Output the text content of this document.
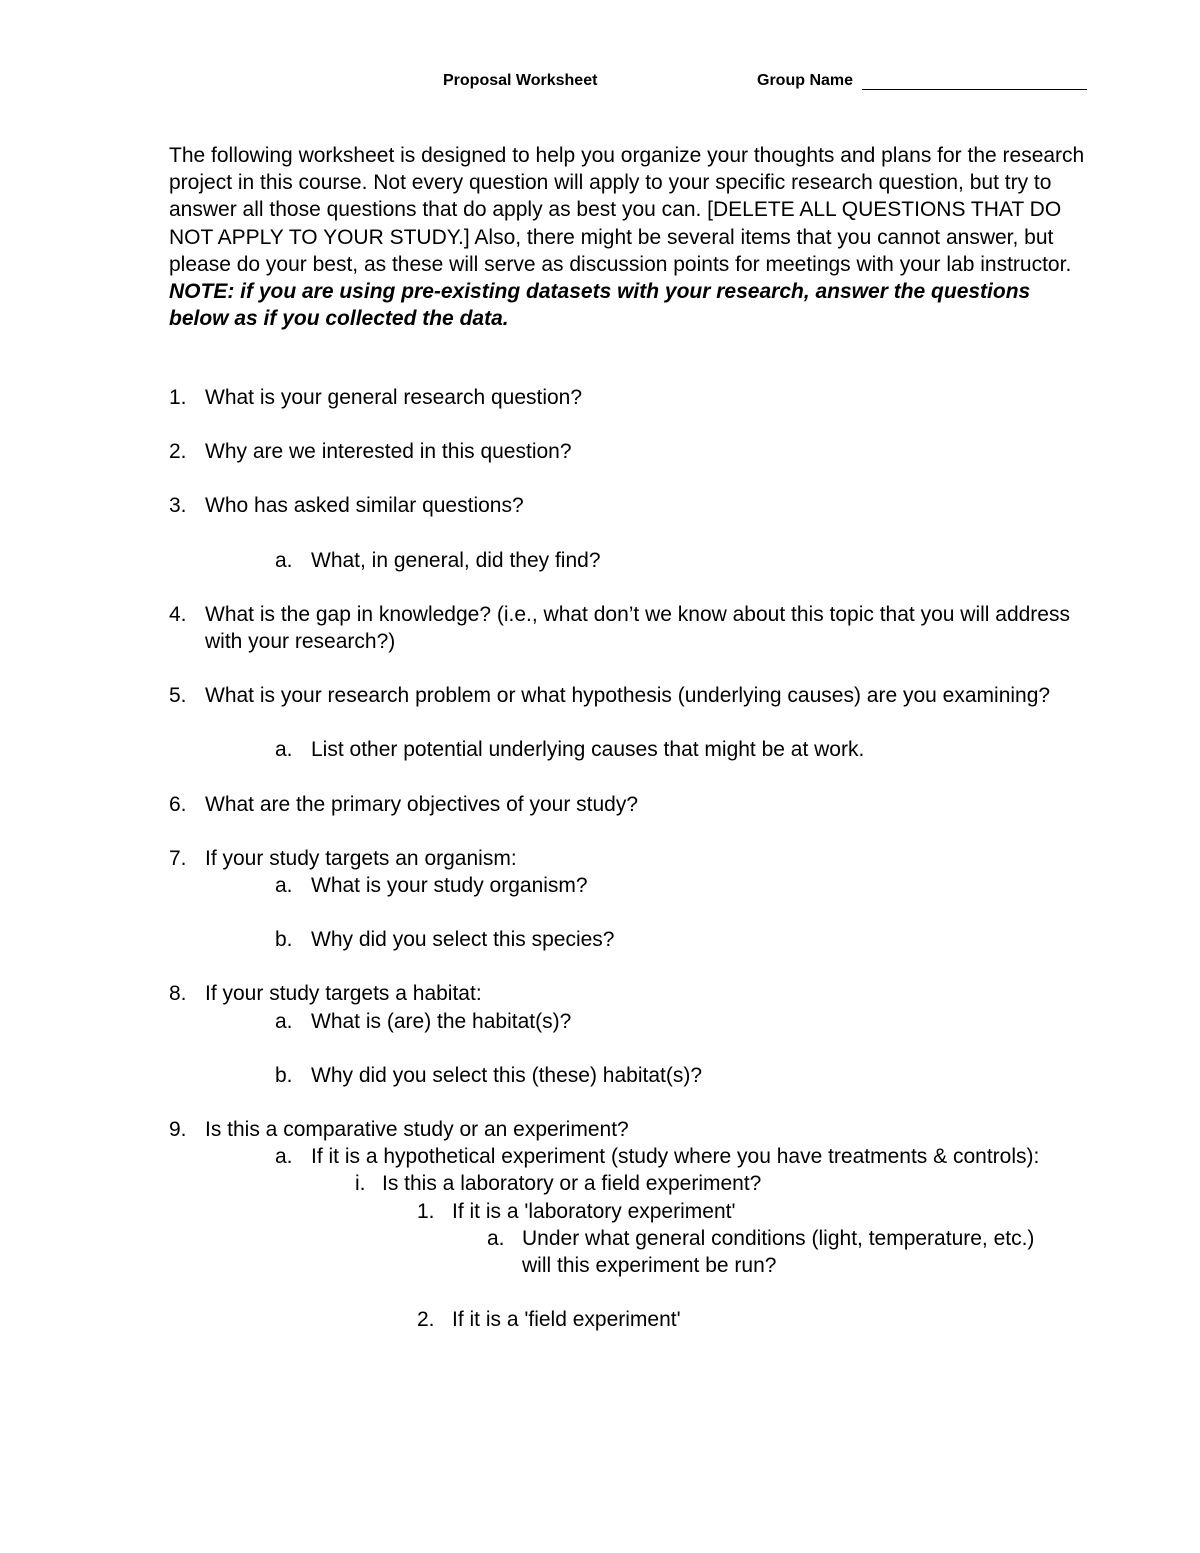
Proposal Worksheet	Group Name
The following worksheet is designed to help you organize your thoughts and plans for the research project in this course. Not every question will apply to your specific research question, but try to answer all those questions that do apply as best you can. [DELETE ALL QUESTIONS THAT DO NOT APPLY TO YOUR STUDY.] Also, there might be several items that you cannot answer, but please do your best, as these will serve as discussion points for meetings with your lab instructor. NOTE: if you are using pre-existing datasets with your research, answer the questions below as if you collected the data.
1. What is your general research question?
2. Why are we interested in this question?
3. Who has asked similar questions?
a. What, in general, did they find?
4. What is the gap in knowledge? (i.e., what don’t we know about this topic that you will address with your research?)
5. What is your research problem or what hypothesis (underlying causes) are you examining?
a. List other potential underlying causes that might be at work.
6. What are the primary objectives of your study?
7. If your study targets an organism:
a. What is your study organism?
b. Why did you select this species?
8. If your study targets a habitat:
a. What is (are) the habitat(s)?
b. Why did you select this (these) habitat(s)?
9. Is this a comparative study or an experiment?
a. If it is a hypothetical experiment (study where you have treatments & controls):
i. Is this a laboratory or a field experiment?
1. If it is a 'laboratory experiment'
a. Under what general conditions (light, temperature, etc.) will this experiment be run?
2. If it is a 'field experiment'
